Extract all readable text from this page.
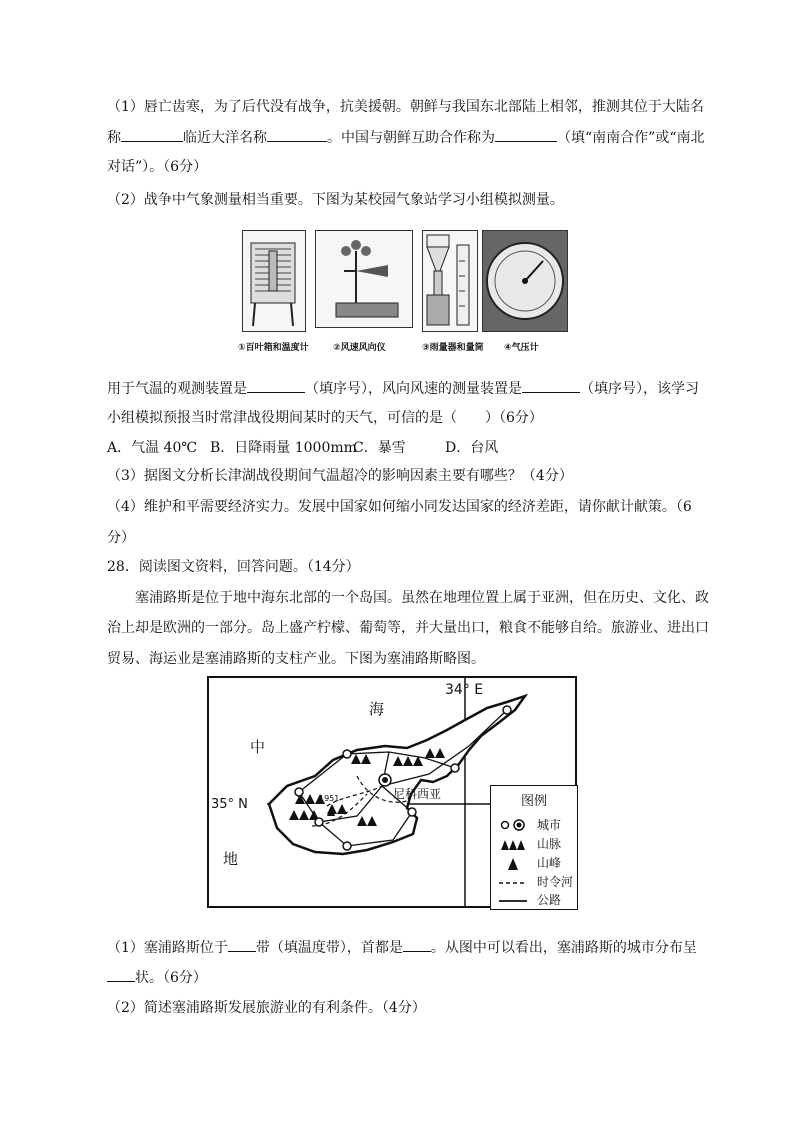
（1）唇亡齿寒，为了后代没有战争，抗美援朝。朝鲜与我国东北部陆上相邻，推测其位于大陆名
称	临近大洋名称	。中国与朝鲜互助合作称为	（填“南南合作”或“南北
对话”）。（6分）
（2）战争中气象测量相当重要。下图为某校园气象站学习小组模拟测量。
①百叶箱和温度计	②风速风向仪	③雨量器和量筒 ④气压计
用于气温的观测装置是	（填序号），风向风速的测量装置是	（填序号），该学习
小组模拟预报当时常津战役期间某时的天气，可信的是（　　）（6分）
A．气温 40℃ B．日降雨量 1000mmC．暴雪	D．台风
（3）据图文分析长津湖战役期间气温超冷的影响因素主要有哪些？（4分）
（4）维护和平需要经济实力。发展中国家如何缩小同发达国家的经济差距，请你献计献策。（6
分）
28．阅读图文资料，回答问题。（14分）
塞浦路斯是位于地中海东北部的一个岛国。虽然在地理位置上属于亚洲，但在历史、文化、政
治上却是欧洲的一部分。岛上盛产柠檬、葡萄等，并大量出口，粮食不能够自给。旅游业、进出口
贸易、海运业是塞浦路斯的支柱产业。下图为塞浦路斯略图。
海
中
地
34° E
35° N
尼科西亚
1951	图例
城市
山脉
山峰
时令河
公路
（1）塞浦路斯位于 带（填温度带），首都是 。从图中可以看出，塞浦路斯的城市分布呈
状。（6分）
（2）简述塞浦路斯发展旅游业的有利条件。（4分）
